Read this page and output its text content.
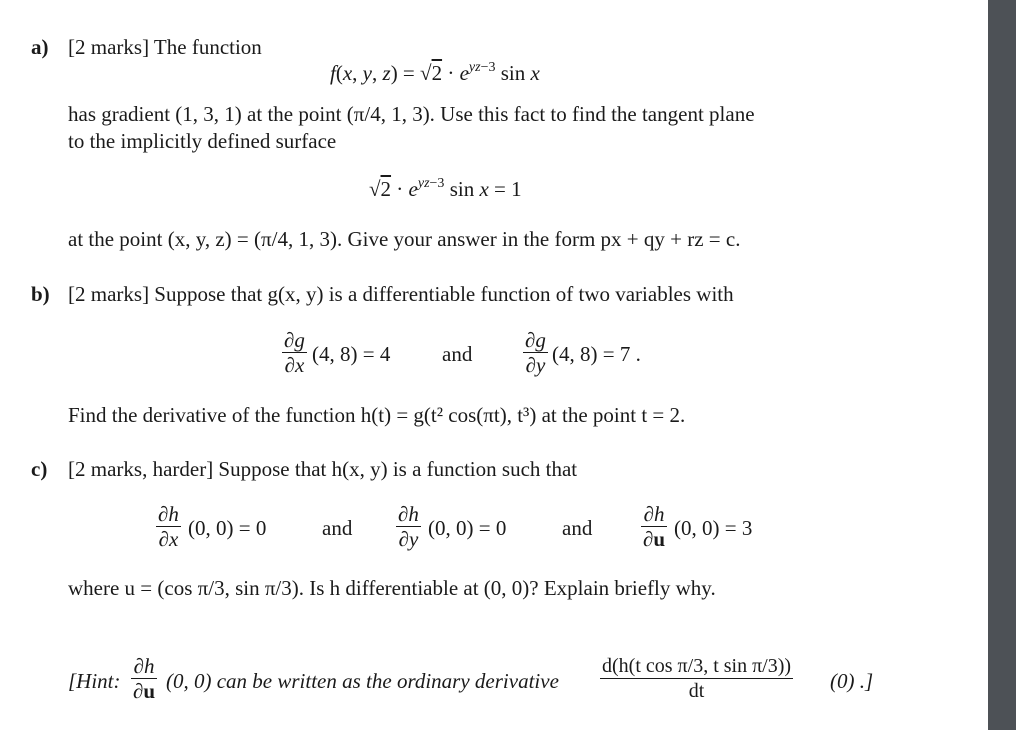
a) [2 marks] The function
f(x, y, $z) = √2 \cdot e^{yz-3}$ sin x
has gradient (1, 3, 1) at the point (π/4, 1, 3). Use this fact to find the tangent plane
to the implicitly defined surface
$√2 \cdot e^{yz-3}$ sin x = 1
at the point (x, y, z) = (π/4, 1, 3). Give your answer in the form px + qy + rz = c.
b) [2 marks] Suppose that g(x, y) is a differentiable function of two variables with
$\frac{\partial g}{\partial x} (4$, 8) = 4 and $\frac{\partial g}{\partial y} (4$, 8) = 7 .
Find the derivative of the function h(t) = g(t² cos(πt), t³) at the point t = 2.
c) [2 marks, harder] Suppose that h(x, y) is a function such that
$\frac{\partial h}{\partial x} (0$, 0) = 0	and $\frac{\partial h}{\partial y} (0$, 0) = 0	and $\frac{\partial h}{\partial u} (0$, 0) = 3
where u = (cos π/3, sin π/3). Is h differentiable at (0, 0)? Explain briefly why.
[Hint: $\frac{\partial h}{\partial u} (0$, 0) can be written as the ordinary derivative $\frac{\text{d(h(t cos π/3, t sin π/3))}}{dt} (0)$ .]
